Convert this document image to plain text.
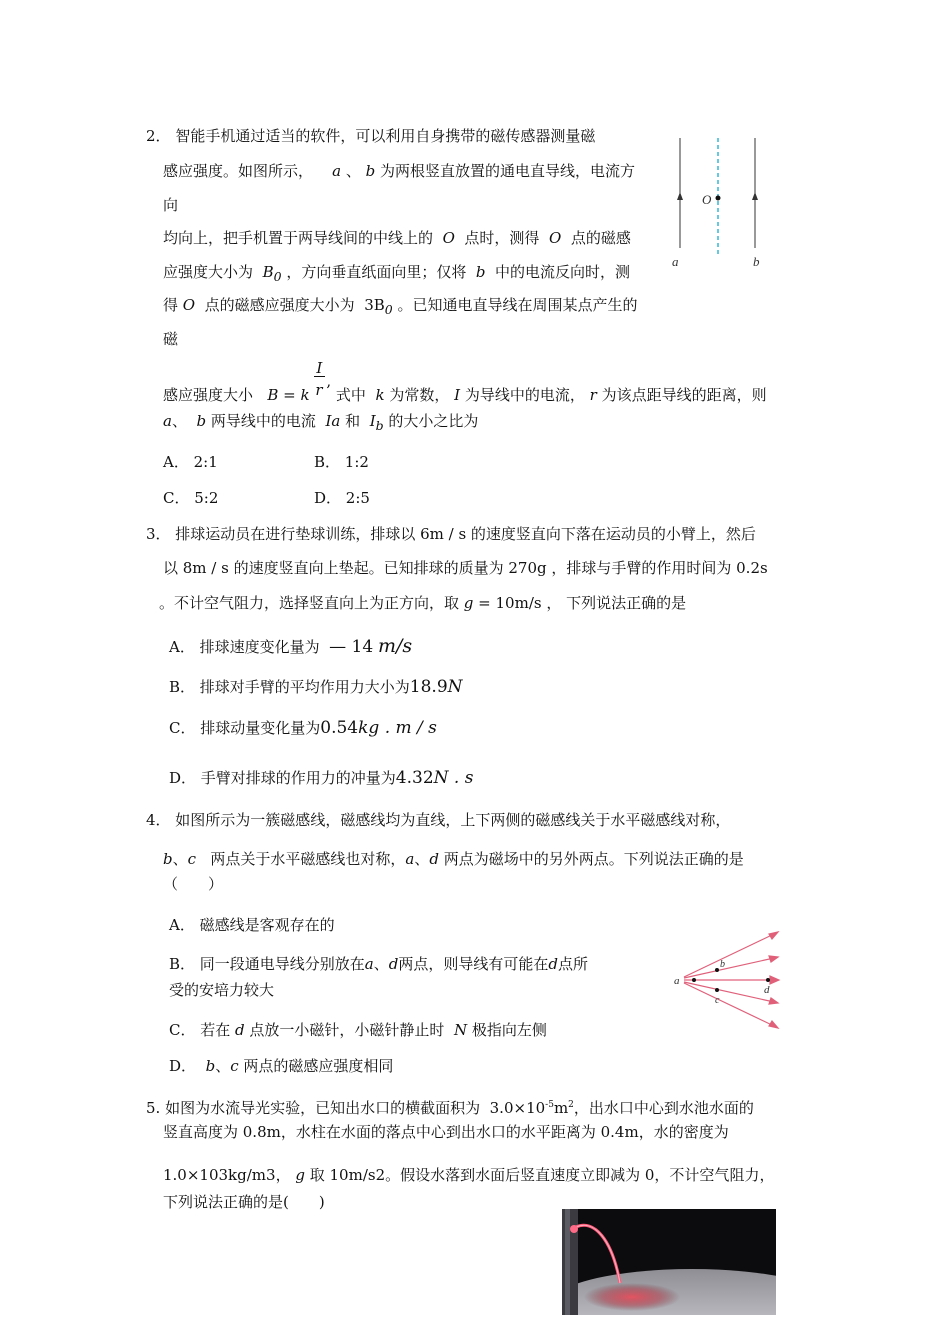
2． 智能手机通过适当的软件，可以利用自身携带的磁传感器测量磁
感应强度。如图所示， a 、 b 为两根竖直放置的通电直导线，电流方
向
均向上，把手机置于两导线间的中线上的 O 点时，测得 O 点的磁感
应强度大小为 $B_0$ ，方向垂直纸面向里；仅将 b 中的电流反向时，测
得 O 点的磁感应强度大小为 $3B_0$ 。已知通电直导线在周围某点产生的
磁
感应强度大小 B = k $\frac{I}{r}$ , 式中 k 为常数， I 为导线中的电流， r 为该点距导线的距离，则
a、 b 两导线中的电流 Ia 和 $I_b$ 的大小之比为
A． 2:1	B． 1:2
C． 5:2	D． 2:5
O
a	b
3． 排球运动员在进行垫球训练，排球以 6m / s 的速度竖直向下落在运动员的小臂上，然后
以 8m / s 的速度竖直向上垫起。已知排球的质量为 270g ，排球与手臂的作用时间为 0.2s
。不计空气阻力，选择竖直向上为正方向，取 g = 10m/s ， 下列说法正确的是
A． 排球速度变化量为 — 14 m/s
B． 排球对手臂的平均作用力大小为18.9N
C． 排球动量变化量为0.54kg . m / s
D． 手臂对排球的作用力的冲量为4.32N . s
4． 如图所示为一簇磁感线，磁感线均为直线，上下两侧的磁感线关于水平磁感线对称，
b、c 两点关于水平磁感线也对称，a、d 两点为磁场中的另外两点。下列说法正确的是
（　　）
A． 磁感线是客观存在的
B． 同一段通电导线分别放在a、d两点，则导线有可能在d点所
受的安培力较大
C． 若在 d 点放一小磁针，小磁针静止时 N 极指向左侧
D． b、c 两点的磁感应强度相同
a
b
c
d
5. 如图为水流导光实验，已知出水口的横截面积为 $3.0\times 10^{-5}m^2$，出水口中心到水池水面的
竖直高度为 0.8m，水柱在水面的落点中心到出水口的水平距离为 0.4m，水的密度为
1.0×103kg/m3， g 取 10m/s2。假设水落到水面后竖直速度立即减为 0，不计空气阻力，
下列说法正确的是(　　)
